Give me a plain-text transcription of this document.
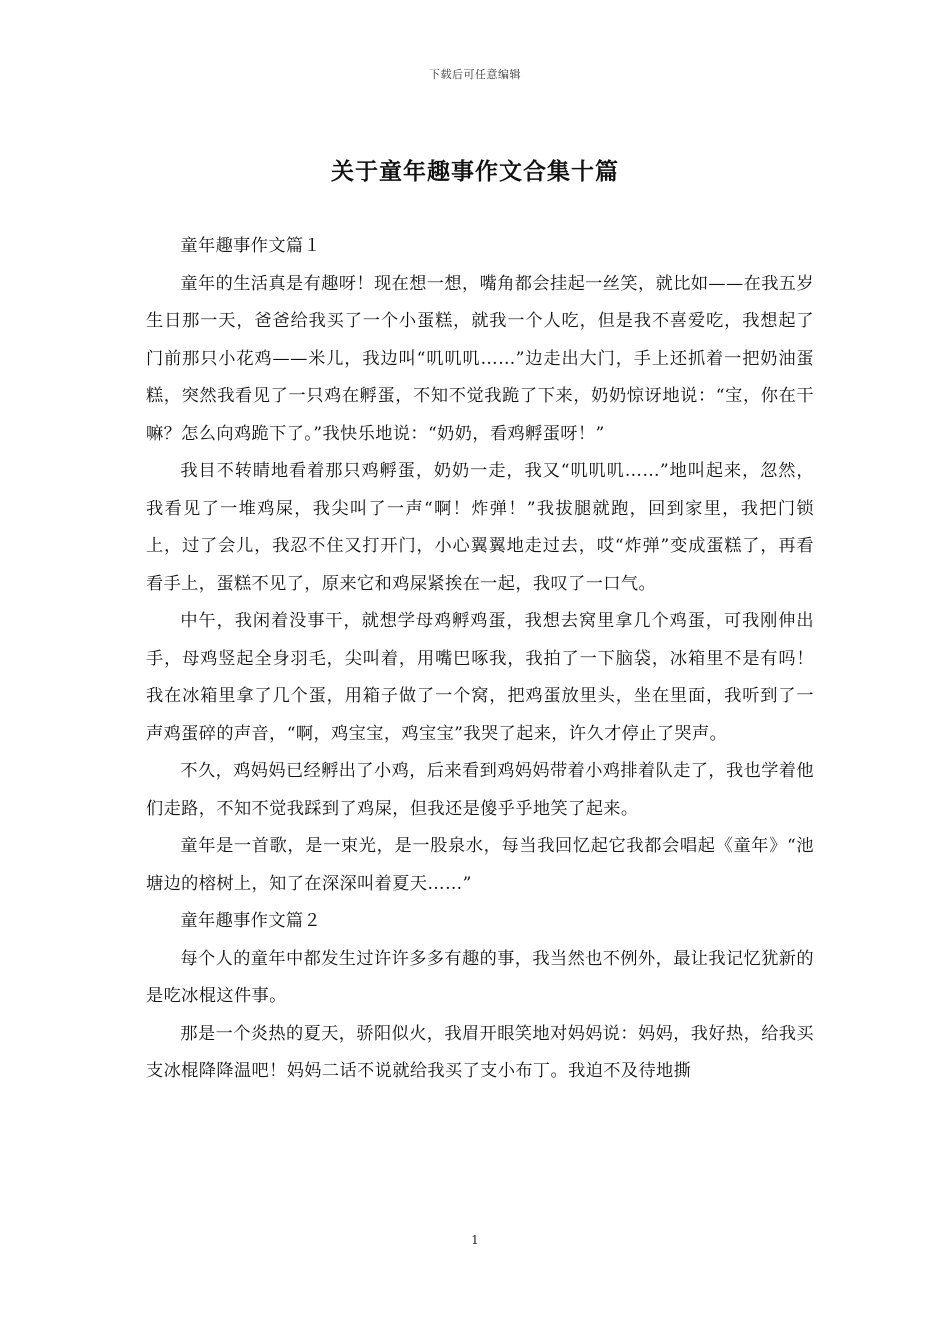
下载后可任意编辑
关于童年趣事作文合集十篇

童年趣事作文篇１

童年的生活真是有趣呀！现在想一想，嘴角都会挂起一丝笑，就比如——在我五岁生日那一天，爸爸给我买了一个小蛋糕，就我一个人吃，但是我不喜爱吃，我想起了门前那只小花鸡——米儿，我边叫“叽叽叽……”边走出大门，手上还抓着一把奶油蛋糕，突然我看见了一只鸡在孵蛋，不知不觉我跪了下来，奶奶惊讶地说：“宝，你在干嘛？怎么向鸡跪下了。”我快乐地说：“奶奶，看鸡孵蛋呀！”

我目不转睛地看着那只鸡孵蛋，奶奶一走，我又“叽叽叽……”地叫起来，忽然，我看见了一堆鸡屎，我尖叫了一声“啊！炸弹！”我拔腿就跑，回到家里，我把门锁上，过了会儿，我忍不住又打开门，小心翼翼地走过去，哎“炸弹”变成蛋糕了，再看看手上，蛋糕不见了，原来它和鸡屎紧挨在一起，我叹了一口气。

中午，我闲着没事干，就想学母鸡孵鸡蛋，我想去窝里拿几个鸡蛋，可我刚伸出手，母鸡竖起全身羽毛，尖叫着，用嘴巴啄我，我拍了一下脑袋，冰箱里不是有吗！我在冰箱里拿了几个蛋，用箱子做了一个窝，把鸡蛋放里头，坐在里面，我听到了一声鸡蛋碎的声音，“啊，鸡宝宝，鸡宝宝”我哭了起来，许久才停止了哭声。

不久，鸡妈妈已经孵出了小鸡，后来看到鸡妈妈带着小鸡排着队走了，我也学着他们走路，不知不觉我踩到了鸡屎，但我还是傻乎乎地笑了起来。

童年是一首歌，是一束光，是一股泉水，每当我回忆起它我都会唱起《童年》“池塘边的榕树上，知了在深深叫着夏天……”

童年趣事作文篇２

每个人的童年中都发生过许许多多有趣的事，我当然也不例外，最让我记忆犹新的是吃冰棍这件事。

那是一个炎热的夏天，骄阳似火，我眉开眼笑地对妈妈说：妈妈，我好热，给我买支冰棍降降温吧！妈妈二话不说就给我买了支小布丁。我迫不及待地撕

1
